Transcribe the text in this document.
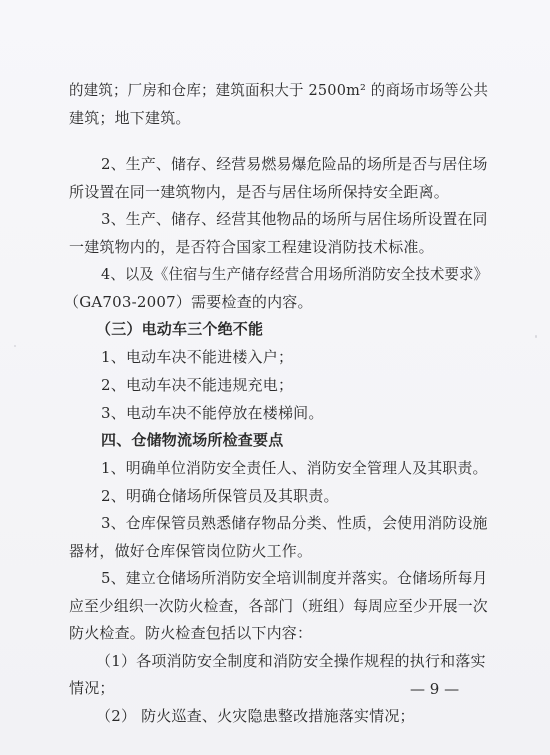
的建筑；厂房和仓库；建筑面积大于 2500m² 的商场市场等公共
建筑；地下建筑。
2、生产、储存、经营易燃易爆危险品的场所是否与居住场
所设置在同一建筑物内，是否与居住场所保持安全距离。
3、生产、储存、经营其他物品的场所与居住场所设置在同
一建筑物内的，是否符合国家工程建设消防技术标准。
4、以及《住宿与生产储存经营合用场所消防安全技术要求》
（GA703-2007）需要检查的内容。
（三）电动车三个绝不能
1、电动车决不能进楼入户；
2、电动车决不能违规充电；
3、电动车决不能停放在楼梯间。
四、仓储物流场所检查要点
1、明确单位消防安全责任人、消防安全管理人及其职责。
2、明确仓储场所保管员及其职责。
3、仓库保管员熟悉储存物品分类、性质，会使用消防设施
器材，做好仓库保管岗位防火工作。
5、建立仓储场所消防安全培训制度并落实。仓储场所每月
应至少组织一次防火检查，各部门（班组）每周应至少开展一次
防火检查。防火检查包括以下内容：
（1）各项消防安全制度和消防安全操作规程的执行和落实
情况；
（2） 防火巡查、火灾隐患整改措施落实情况；
— 9 —
